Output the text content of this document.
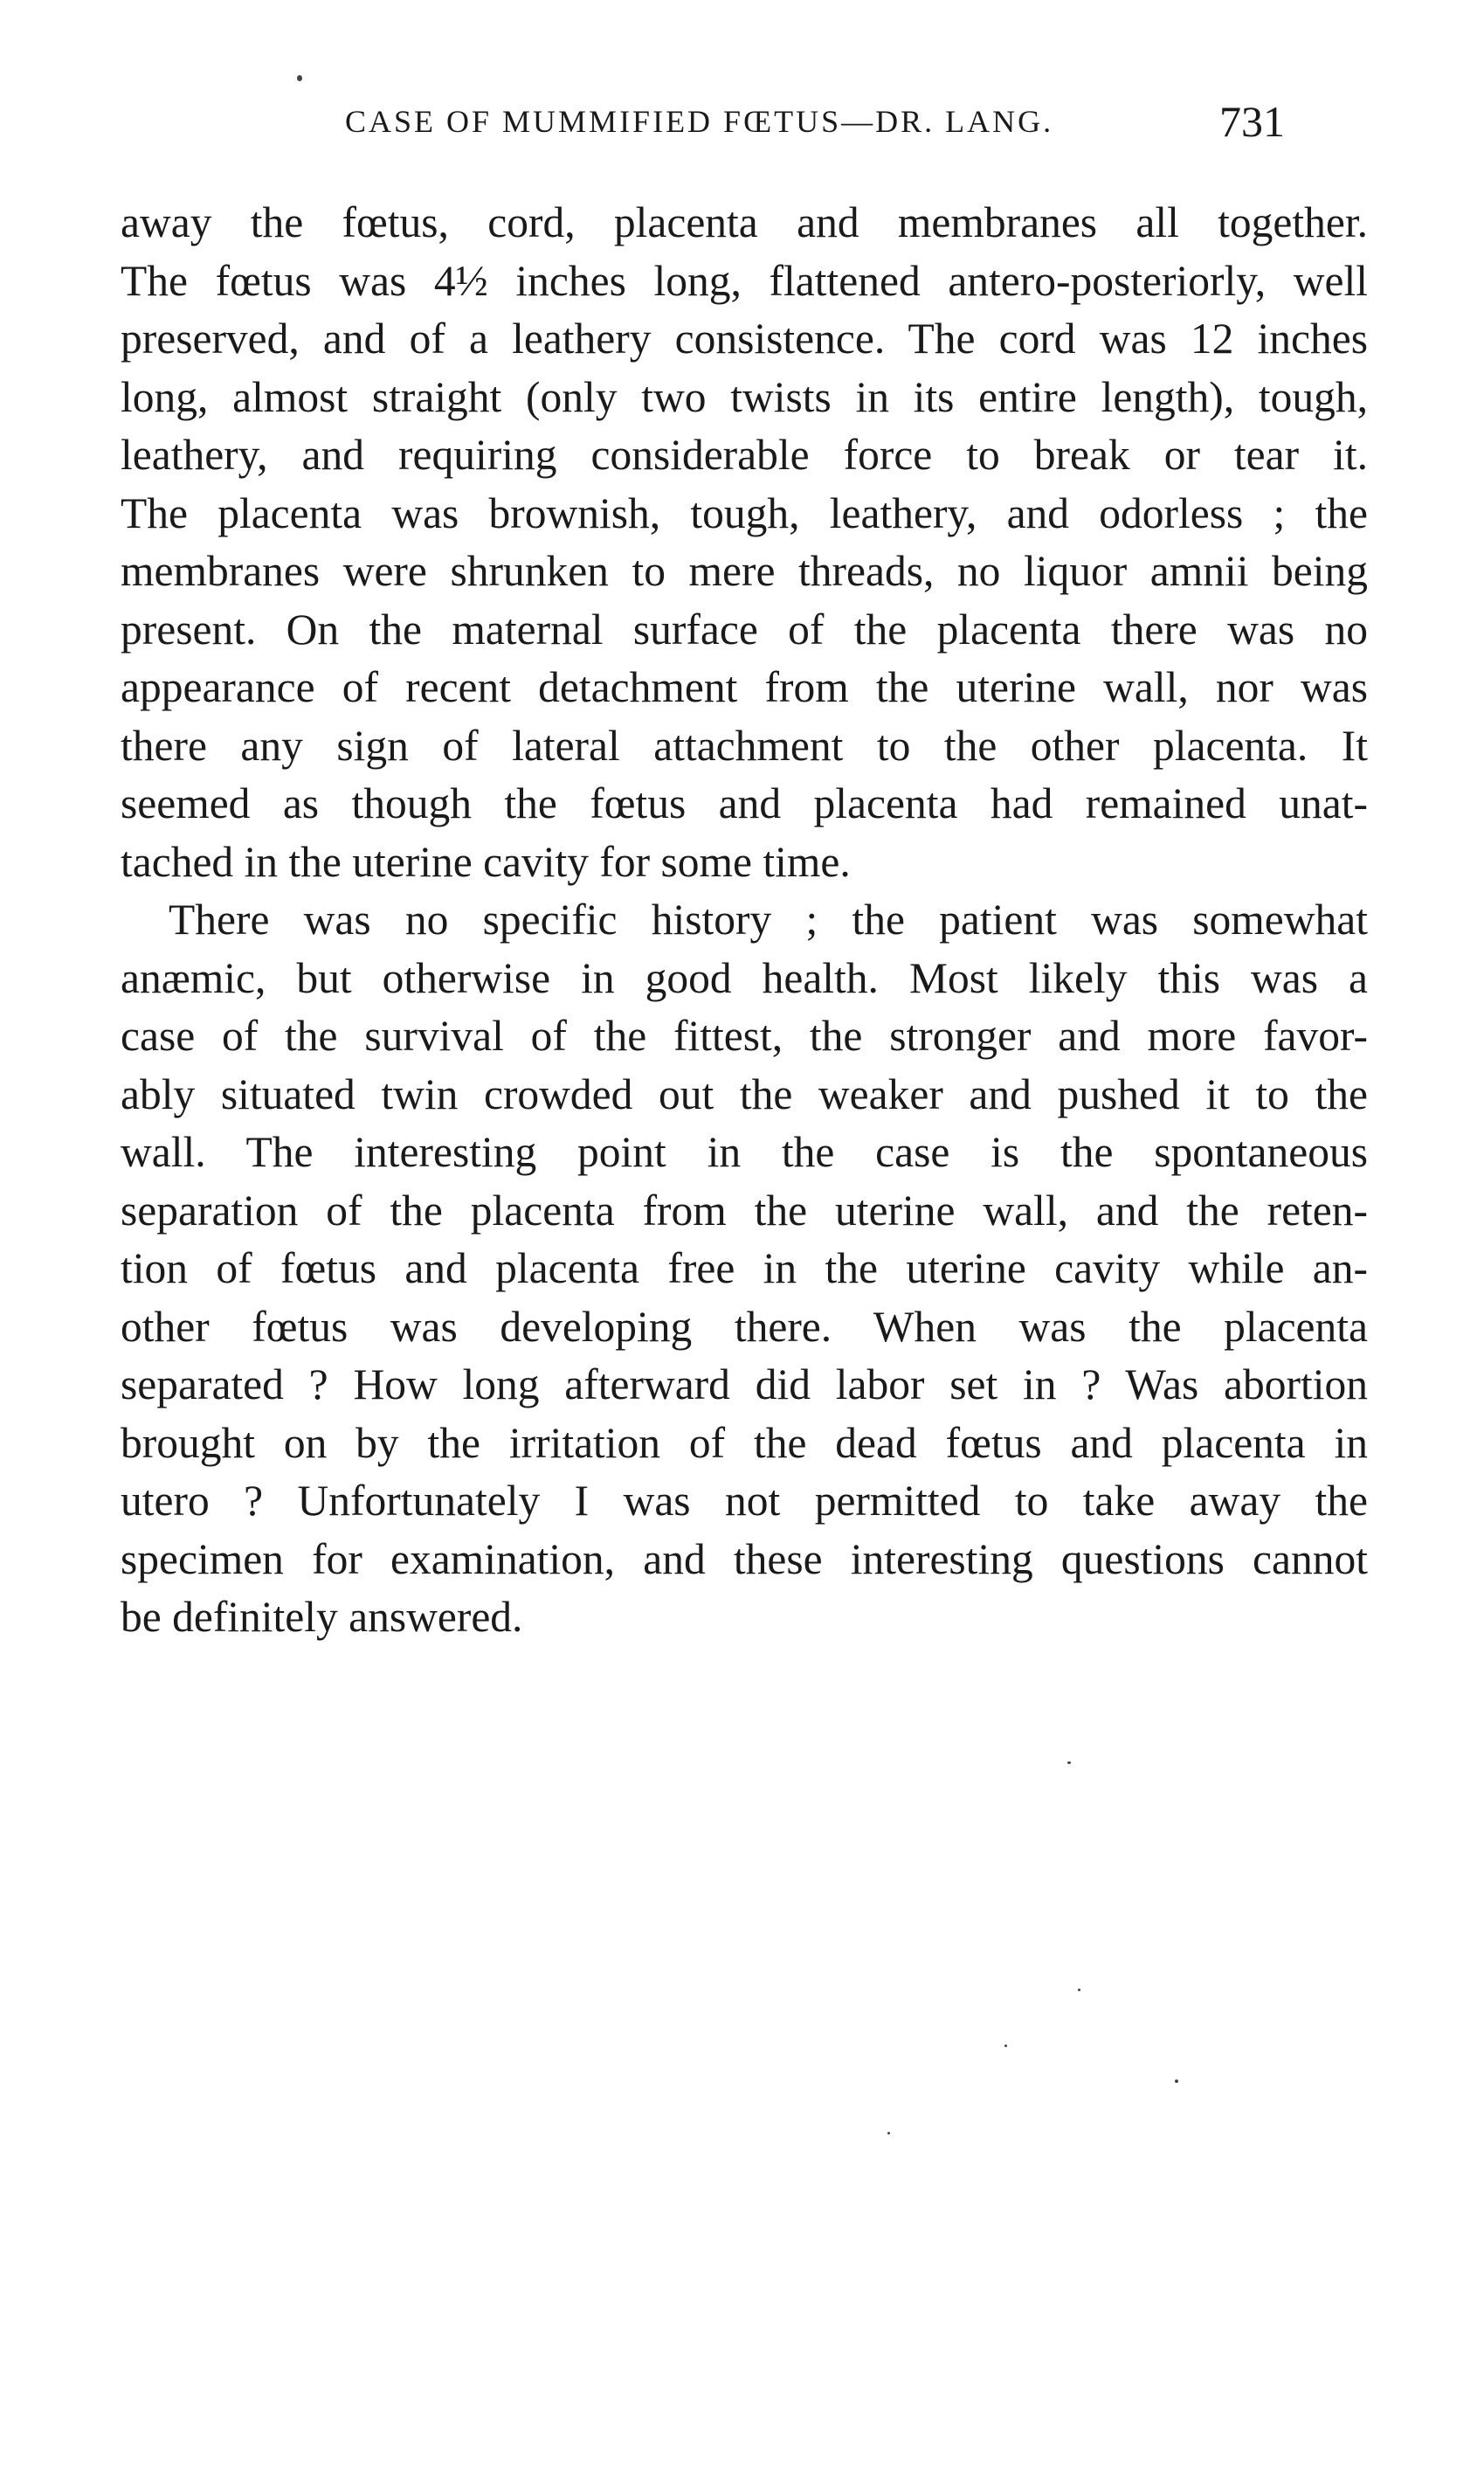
CASE OF MUMMIFIED FŒTUS—DR. LANG.	731
away the fœtus, cord, placenta and membranes all together.
The fœtus was 4½ inches long, flattened antero-posteriorly, well
preserved, and of a leathery consistence. The cord was 12 inches
long, almost straight (only two twists in its entire length), tough,
leathery, and requiring considerable force to break or tear it.
The placenta was brownish, tough, leathery, and odorless ; the
membranes were shrunken to mere threads, no liquor amnii being
present. On the maternal surface of the placenta there was no
appearance of recent detachment from the uterine wall, nor was
there any sign of lateral attachment to the other placenta. It
seemed as though the fœtus and placenta had remained unat-
tached in the uterine cavity for some time.
There was no specific history ; the patient was somewhat
anæmic, but otherwise in good health. Most likely this was a
case of the survival of the fittest, the stronger and more favor-
ably situated twin crowded out the weaker and pushed it to the
wall. The interesting point in the case is the spontaneous
separation of the placenta from the uterine wall, and the reten-
tion of fœtus and placenta free in the uterine cavity while an-
other fœtus was developing there. When was the placenta
separated ? How long afterward did labor set in ? Was abortion
brought on by the irritation of the dead fœtus and placenta in
utero ? Unfortunately I was not permitted to take away the
specimen for examination, and these interesting questions cannot
be definitely answered.
